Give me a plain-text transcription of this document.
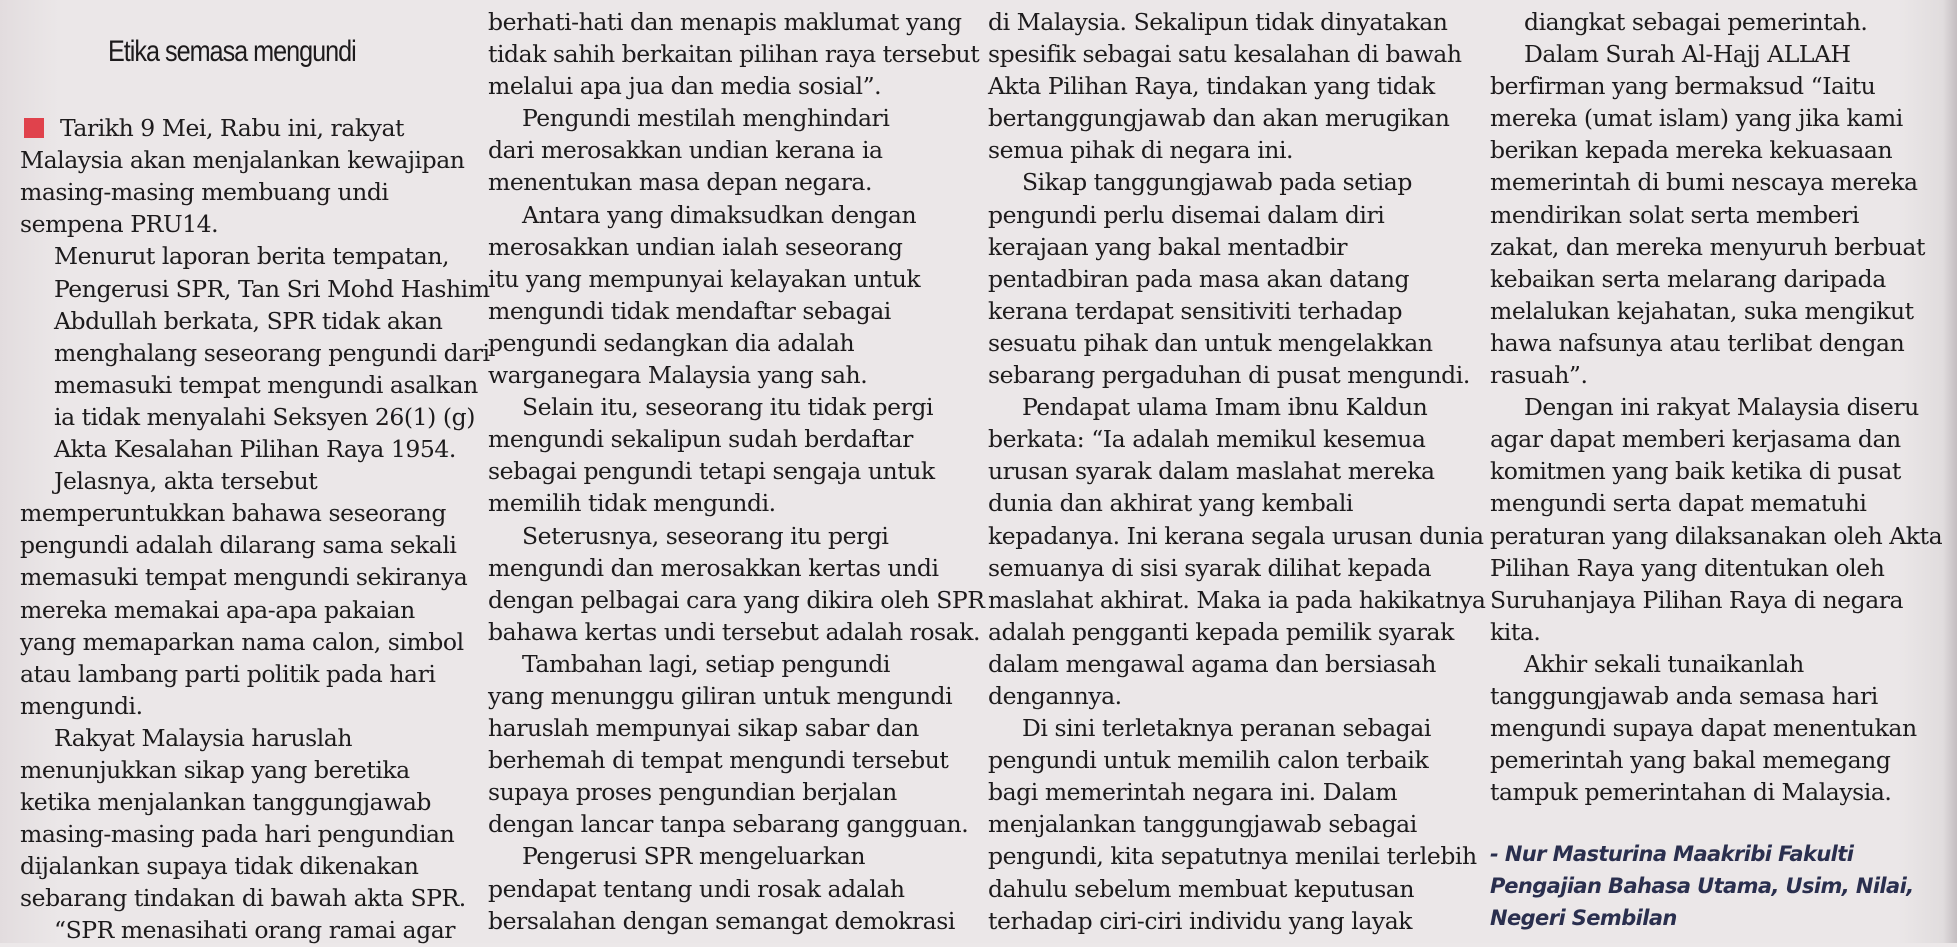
Etika semasa mengundi

Tarikh 9 Mei, Rabu ini, rakyat
Malaysia akan menjalankan kewajipan
masing-masing membuang undi
sempena PRU14.

Menurut laporan berita tempatan,
Pengerusi SPR, Tan Sri Mohd Hashim
Abdullah berkata, SPR tidak akan
menghalang seseorang pengundi dari
memasuki tempat mengundi asalkan
ia tidak menyalahi Seksyen 26(1) (g)
Akta Kesalahan Pilihan Raya 1954.

Jelasnya, akta tersebut
memperuntukkan bahawa seseorang
pengundi adalah dilarang sama sekali
memasuki tempat mengundi sekiranya
mereka memakai apa-apa pakaian
yang memaparkan nama calon, simbol
atau lambang parti politik pada hari
mengundi.

Rakyat Malaysia haruslah
menunjukkan sikap yang beretika
ketika menjalankan tanggungjawab
masing-masing pada hari pengundian
dijalankan supaya tidak dikenakan
sebarang tindakan di bawah akta SPR.

“SPR menasihati orang ramai agar

berhati-hati dan menapis maklumat yang
tidak sahih berkaitan pilihan raya tersebut
melalui apa jua dan media sosial”.

Pengundi mestilah menghindari
dari merosakkan undian kerana ia
menentukan masa depan negara.

Antara yang dimaksudkan dengan
merosakkan undian ialah seseorang
itu yang mempunyai kelayakan untuk
mengundi tidak mendaftar sebagai
pengundi sedangkan dia adalah
warganegara Malaysia yang sah.

Selain itu, seseorang itu tidak pergi
mengundi sekalipun sudah berdaftar
sebagai pengundi tetapi sengaja untuk
memilih tidak mengundi.

Seterusnya, seseorang itu pergi
mengundi dan merosakkan kertas undi
dengan pelbagai cara yang dikira oleh SPR
bahawa kertas undi tersebut adalah rosak.

Tambahan lagi, setiap pengundi
yang menunggu giliran untuk mengundi
haruslah mempunyai sikap sabar dan
berhemah di tempat mengundi tersebut
supaya proses pengundian berjalan
dengan lancar tanpa sebarang gangguan.

Pengerusi SPR mengeluarkan
pendapat tentang undi rosak adalah
bersalahan dengan semangat demokrasi

di Malaysia. Sekalipun tidak dinyatakan
spesifik sebagai satu kesalahan di bawah
Akta Pilihan Raya, tindakan yang tidak
bertanggungjawab dan akan merugikan
semua pihak di negara ini.

Sikap tanggungjawab pada setiap
pengundi perlu disemai dalam diri
kerajaan yang bakal mentadbir
pentadbiran pada masa akan datang
kerana terdapat sensitiviti terhadap
sesuatu pihak dan untuk mengelakkan
sebarang pergaduhan di pusat mengundi.

Pendapat ulama Imam ibnu Kaldun
berkata: “Ia adalah memikul kesemua
urusan syarak dalam maslahat mereka
dunia dan akhirat yang kembali
kepadanya. Ini kerana segala urusan dunia
semuanya di sisi syarak dilihat kepada
maslahat akhirat. Maka ia pada hakikatnya
adalah pengganti kepada pemilik syarak
dalam mengawal agama dan bersiasah
dengannya.

Di sini terletaknya peranan sebagai
pengundi untuk memilih calon terbaik
bagi memerintah negara ini. Dalam
menjalankan tanggungjawab sebagai
pengundi, kita sepatutnya menilai terlebih
dahulu sebelum membuat keputusan
terhadap ciri-ciri individu yang layak

diangkat sebagai pemerintah.

Dalam Surah Al-Hajj ALLAH
berfirman yang bermaksud “Iaitu
mereka (umat islam) yang jika kami
berikan kepada mereka kekuasaan
memerintah di bumi nescaya mereka
mendirikan solat serta memberi
zakat, dan mereka menyuruh berbuat
kebaikan serta melarang daripada
melalukan kejahatan, suka mengikut
hawa nafsunya atau terlibat dengan
rasuah”.

Dengan ini rakyat Malaysia diseru
agar dapat memberi kerjasama dan
komitmen yang baik ketika di pusat
mengundi serta dapat mematuhi
peraturan yang dilaksanakan oleh Akta
Pilihan Raya yang ditentukan oleh
Suruhanjaya Pilihan Raya di negara
kita.

Akhir sekali tunaikanlah
tanggungjawab anda semasa hari
mengundi supaya dapat menentukan
pemerintah yang bakal memegang
tampuk pemerintahan di Malaysia.

- Nur Masturina Maakribi Fakulti
Pengajian Bahasa Utama, Usim, Nilai,
Negeri Sembilan
